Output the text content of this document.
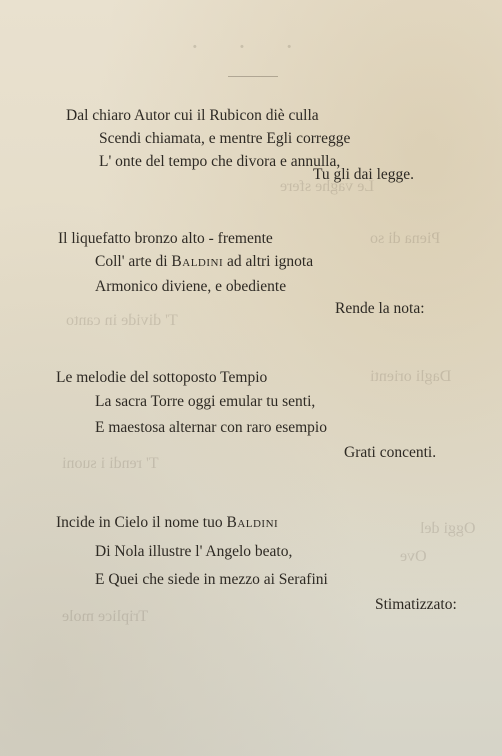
· · ·
Le vaghe sfere
Piena di so
T' divide in canto
Dagli orienti
T' rendi i suoni
Oggi del
Ove
Triplice mole
Dal chiaro Autor cui il Rubicon diè culla
Scendi chiamata, e mentre Egli corregge
L' onte del tempo che divora e annulla,
Tu gli dai legge.
Il liquefatto bronzo alto - fremente
Coll' arte di Baldini ad altri ignota
Armonico diviene, e obediente
Rende la nota:
Le melodie del sottoposto Tempio
La sacra Torre oggi emular tu senti,
E maestosa alternar con raro esempio
Grati concenti.
Incide in Cielo il nome tuo Baldini
Di Nola illustre l' Angelo beato,
E Quei che siede in mezzo ai Serafini
Stimatizzato:
